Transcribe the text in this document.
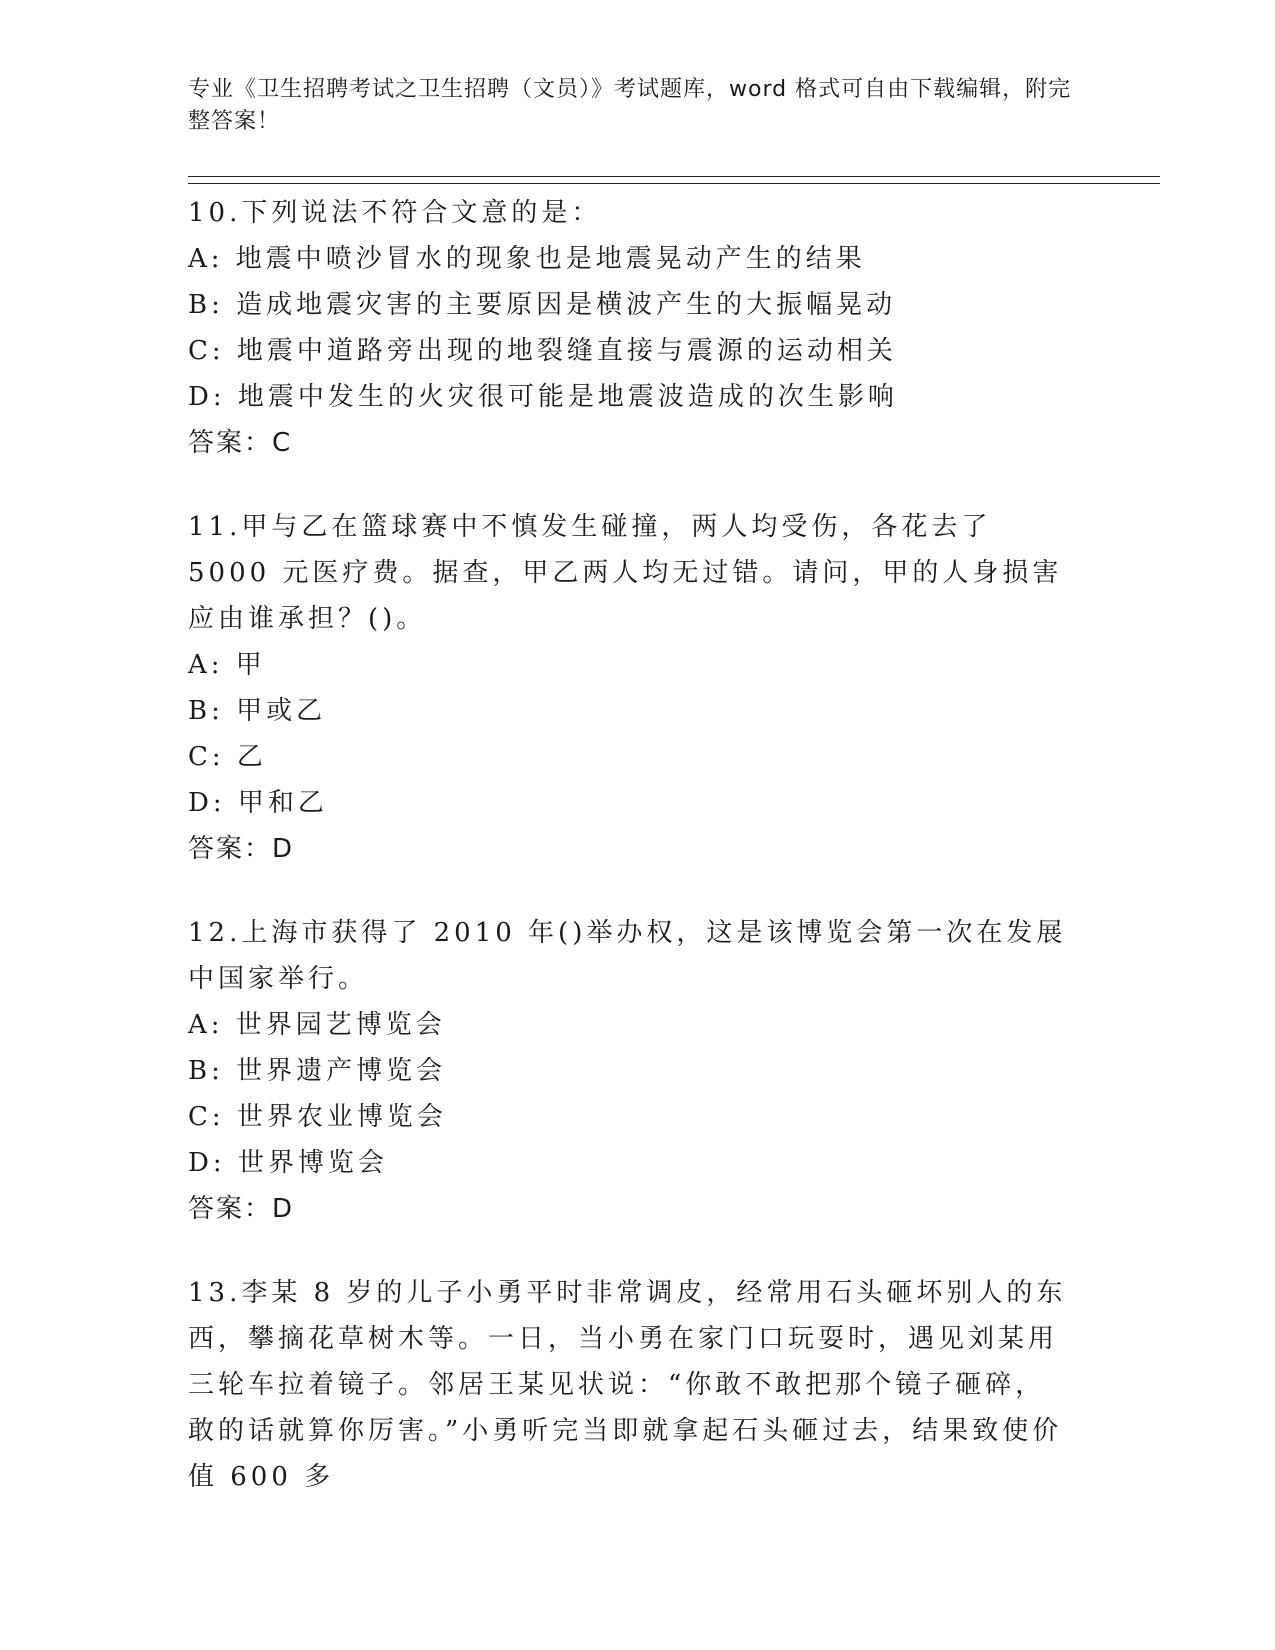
专业《卫生招聘考试之卫生招聘（文员）》考试题库，word 格式可自由下载编辑，附完整答案！
10.下列说法不符合文意的是：
A: 地震中喷沙冒水的现象也是地震晃动产生的结果
B: 造成地震灾害的主要原因是横波产生的大振幅晃动
C: 地震中道路旁出现的地裂缝直接与震源的运动相关
D: 地震中发生的火灾很可能是地震波造成的次生影响
答案：C
11.甲与乙在篮球赛中不慎发生碰撞，两人均受伤，各花去了 5000 元医疗费。据查，甲乙两人均无过错。请问，甲的人身损害应由谁承担？()。
A: 甲
B: 甲或乙
C: 乙
D: 甲和乙
答案：D
12.上海市获得了 2010 年()举办权，这是该博览会第一次在发展中国家举行。
A: 世界园艺博览会
B: 世界遗产博览会
C: 世界农业博览会
D: 世界博览会
答案：D
13.李某 8 岁的儿子小勇平时非常调皮，经常用石头砸坏别人的东西，攀摘花草树木等。一日，当小勇在家门口玩耍时，遇见刘某用三轮车拉着镜子。邻居王某见状说：“你敢不敢把那个镜子砸碎，敢的话就算你厉害。”小勇听完当即就拿起石头砸过去，结果致使价值 600 多
